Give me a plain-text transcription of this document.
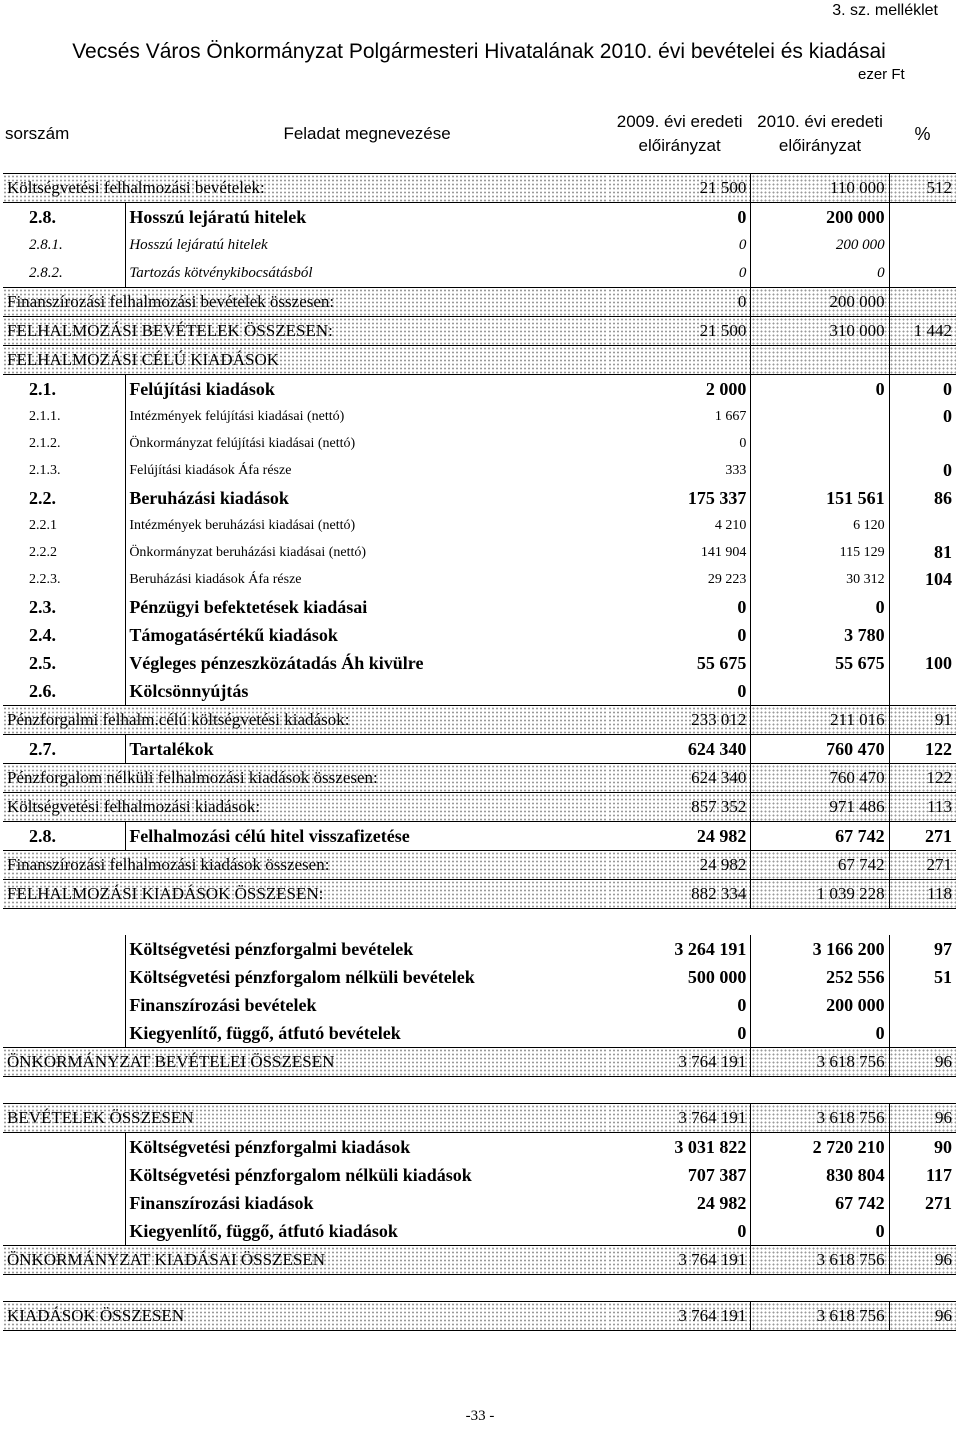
3. sz. melléklet
Vecsés Város Önkormányzat Polgármesteri Hivatalának 2010. évi bevételei és kiadásai
ezer Ft
sorszám	Feladat megnevezése	2009. évi eredeti előirányzat	2010. évi eredeti előirányzat	%
Költségvetési felhalmozási bevételek:		21 500	110 000	512
2.8.	Hosszú lejáratú hitelek	0	200 000	
2.8.1.	Hosszú lejáratú hitelek	0	200 000	
2.8.2.	Tartozás kötvénykibocsátásból	0	0	
Finanszírozási felhalmozási bevételek összesen:		0	200 000	
FELHALMOZÁSI BEVÉTELEK ÖSSZESEN:		21 500	310 000	1 442
FELHALMOZÁSI CÉLÚ KIADÁSOK				
2.1.	Felújítási kiadások	2 000	0	0
2.1.1.	Intézmények felújítási kiadásai (nettó)	1 667		0
2.1.2.	Önkormányzat felújítási kiadásai (nettó)	0		
2.1.3.	Felújítási kiadások Áfa része	333		0
2.2.	Beruházási kiadások	175 337	151 561	86
2.2.1	Intézmények beruházási kiadásai (nettó)	4 210	6 120	
2.2.2	Önkormányzat beruházási kiadásai (nettó)	141 904	115 129	81
2.2.3.	Beruházási kiadások Áfa része	29 223	30 312	104
2.3.	Pénzügyi befektetések kiadásai	0	0	
2.4.	Támogatásértékű kiadások	0	3 780	
2.5.	Végleges pénzeszközátadás Áh kivülre	55 675	55 675	100
2.6.	Kölcsönnyújtás	0		
Pénzforgalmi felhalm.célú költségvetési kiadások:		233 012	211 016	91
2.7.	Tartalékok	624 340	760 470	122
Pénzforgalom nélküli felhalmozási kiadások összesen:		624 340	760 470	122
Költségvetési felhalmozási kiadások:		857 352	971 486	113
2.8.	Felhalmozási célú hitel visszafizetése	24 982	67 742	271
Finanszírozási felhalmozási kiadások összesen:		24 982	67 742	271
FELHALMOZÁSI KIADÁSOK ÖSSZESEN:		882 334	1 039 228	118

	Költségvetési pénzforgalmi bevételek	3 264 191	3 166 200	97
	Költségvetési pénzforgalom nélküli bevételek	500 000	252 556	51
	Finanszírozási bevételek	0	200 000	
	Kiegyenlítő, függő, átfutó bevételek	0	0	
ÖNKORMÁNYZAT BEVÉTELEI ÖSSZESEN		3 764 191	3 618 756	96

BEVÉTELEK ÖSSZESEN		3 764 191	3 618 756	96
	Költségvetési pénzforgalmi kiadások	3 031 822	2 720 210	90
	Költségvetési pénzforgalom nélküli kiadások	707 387	830 804	117
	Finanszírozási kiadások	24 982	67 742	271
	Kiegyenlítő, függő, átfutó kiadások	0	0	
ÖNKORMÁNYZAT KIADÁSAI ÖSSZESEN		3 764 191	3 618 756	96

KIADÁSOK ÖSSZESEN		3 764 191	3 618 756	96
-33 -
